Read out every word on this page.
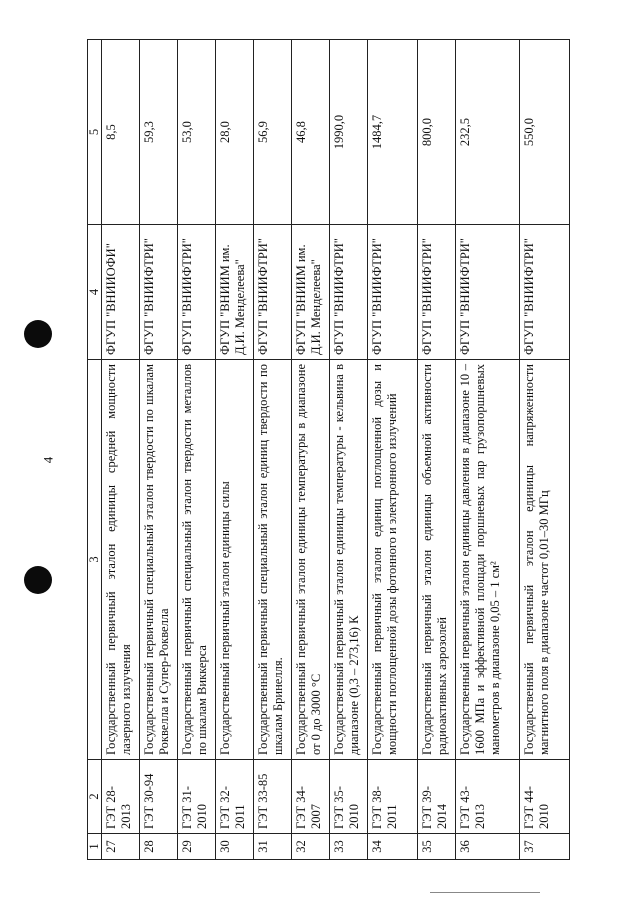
4
1	2	3	4	5
27	ГЭТ 28-2013	Государственный первичный эталон единицы средней мощности лазерного излучения	ФГУП "ВНИИОФИ"	8,5
28	ГЭТ 30-94	Государственный первичный специальный эталон твердости по шкалам Роквелла и Супер-Роквелла	ФГУП "ВНИИФТРИ"	59,3
29	ГЭТ 31-2010	Государственный первичный специальный эталон твердости металлов по шкалам Виккерса	ФГУП "ВНИИФТРИ"	53,0
30	ГЭТ 32-2011	Государственный первичный эталон единицы силы	ФГУП "ВНИИМ им. Д.И. Менделеева"	28,0
31	ГЭТ 33-85	Государственный первичный специальный эталон единиц твердости по шкалам Бринелля.	ФГУП "ВНИИФТРИ"	56,9
32	ГЭТ 34-2007	Государственный первичный эталон единицы температуры в диапазоне от 0 до 3000 °С	ФГУП "ВНИИМ им. Д.И. Менделеева"	46,8
33	ГЭТ 35-2010	Государственный первичный эталон единицы температуры - кельвина в диапазоне (0,3 – 273,16) К	ФГУП "ВНИИФТРИ"	1990,0
34	ГЭТ 38-2011	Государственный первичный эталон единиц поглощенной дозы и мощности поглощенной дозы фотонного и электронного излучений	ФГУП "ВНИИФТРИ"	1484,7
35	ГЭТ 39-2014	Государственный первичный эталон единицы объемной активности радиоактивных аэрозолей	ФГУП "ВНИИФТРИ"	800,0
36	ГЭТ 43-2013	Государственный первичный эталон единицы давления в диапазоне 10 – 1600 МПа и эффективной площади поршневых пар грузопоршневых манометров в диапазоне 0,05 – 1 см²	ФГУП "ВНИИФТРИ"	232,5
37	ГЭТ 44-2010	Государственный первичный эталон единицы напряженности магнитного поля в диапазоне частот 0,01–30 МГц	ФГУП "ВНИИФТРИ"	550,0
